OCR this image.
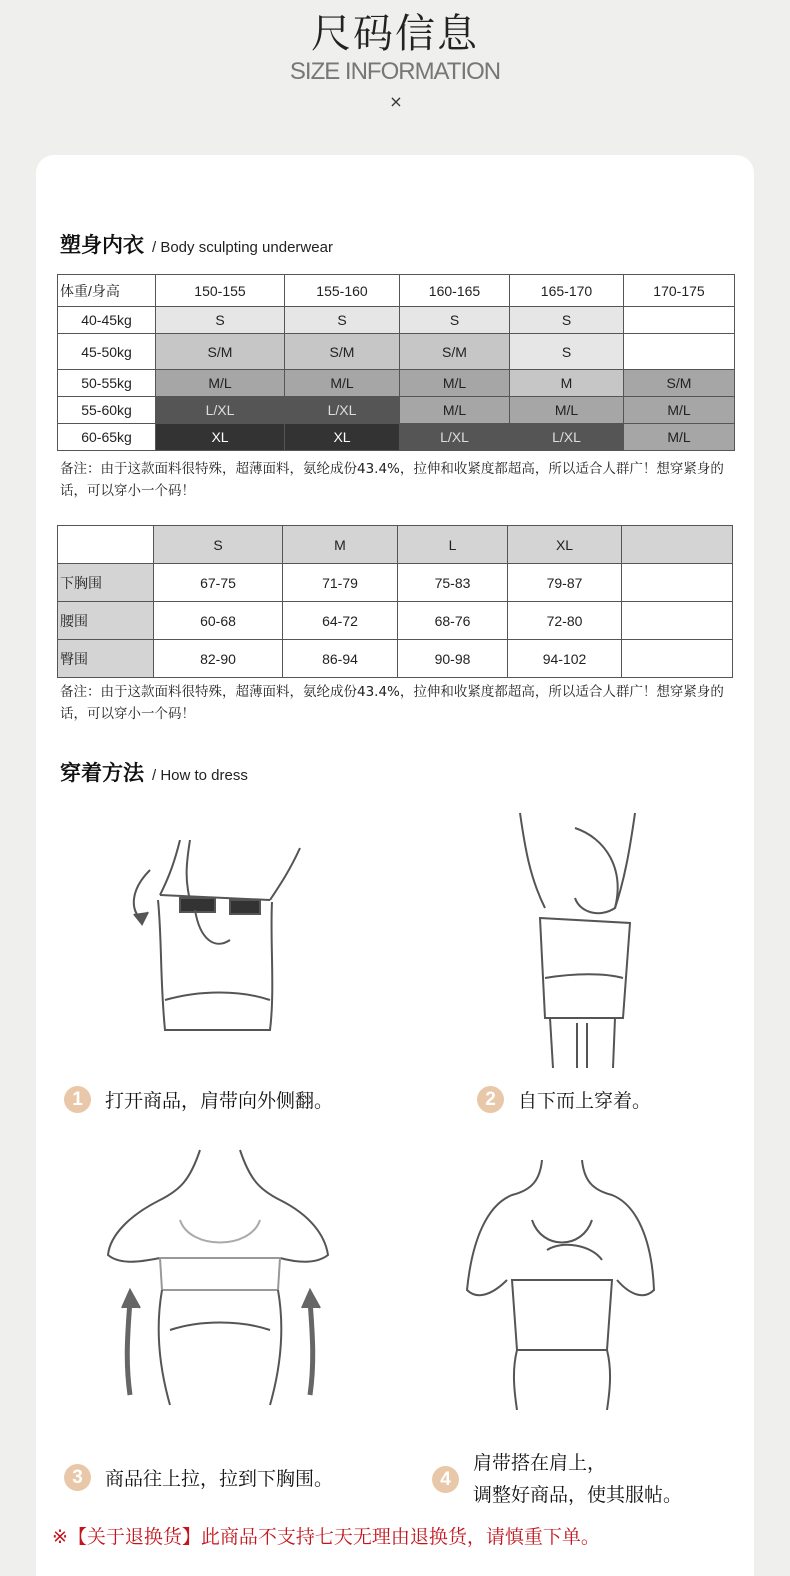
尺码信息
SIZE INFORMATION
×
塑身内衣 / Body sculpting underwear
体重/身高	150-155	155-160	160-165	165-170	170-175
40-45kg	S	S	S	S	
45-50kg	S/M	S/M	S/M	S	
50-55kg	M/L	M/L	M/L	M	S/M
55-60kg	L/XL	L/XL	M/L	M/L	M/L
60-65kg	XL	XL	L/XL	L/XL	M/L
备注：由于这款面料很特殊，超薄面料，氨纶成份43.4%，拉伸和收紧度都超高，所以适合人群广！想穿紧身的话，可以穿小一个码！
	S	M	L	XL	
下胸围	67-75	71-79	75-83	79-87	
腰围	60-68	64-72	68-76	72-80	
臀围	82-90	86-94	90-98	94-102	
备注：由于这款面料很特殊，超薄面料，氨纶成份43.4%，拉伸和收紧度都超高，所以适合人群广！想穿紧身的话，可以穿小一个码！
穿着方法 / How to dress
1	打开商品，肩带向外侧翻。	2	自下而上穿着。
3	商品往上拉，拉到下胸围。	4
肩带搭在肩上，
调整好商品，使其服帖。
※【关于退换货】此商品不支持七天无理由退换货，请慎重下单。
